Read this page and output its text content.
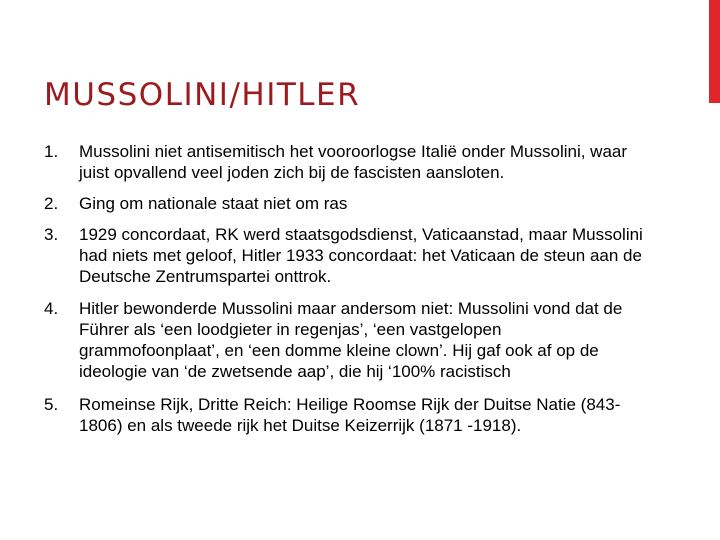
MUSSOLINI/HITLER
1.	Mussolini niet antisemitisch het vooroorlogse Italië onder Mussolini, waar juist opvallend veel joden zich bij de fascisten aansloten.
2.	Ging om nationale staat niet om ras
3.	1929 concordaat, RK werd staatsgodsdienst, Vaticaanstad, maar Mussolini had niets met geloof, Hitler 1933 concordaat: het Vaticaan de steun aan de Deutsche Zentrumspartei onttrok.
4.	Hitler bewonderde Mussolini maar andersom niet: Mussolini vond dat de Führer als ‘een loodgieter in regenjas’, ‘een vastgelopen grammofoonplaat’, en ‘een domme kleine clown’. Hij gaf ook af op de ideologie van ‘de zwetsende aap’, die hij ‘100% racistisch
5.	Romeinse Rijk, Dritte Reich: Heilige Roomse Rijk der Duitse Natie (843-1806) en als tweede rijk het Duitse Keizerrijk (1871 -1918).
